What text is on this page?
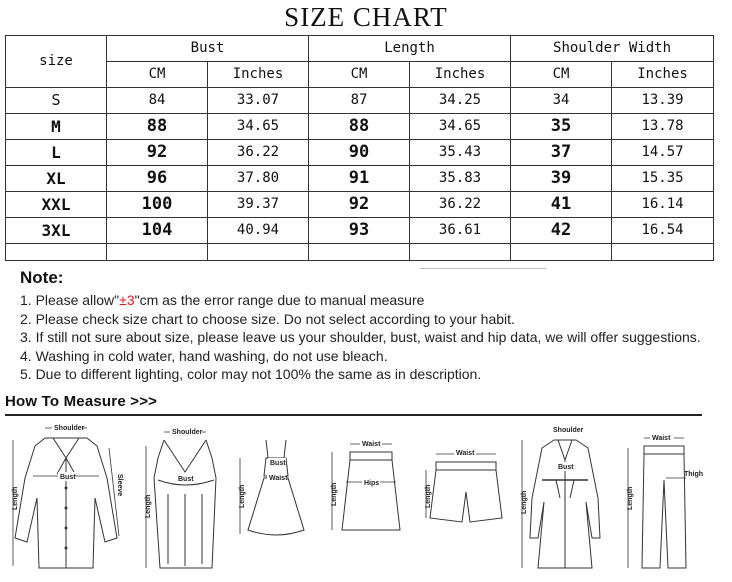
SIZE CHART
size	Bust		Length		Shoulder Width	
	CM	Inches	CM	Inches	CM	Inches
S	84	33.07	87	34.25	34	13.39
M	88	34.65	88	34.65	35	13.78
L	92	36.22	90	35.43	37	14.57
XL	96	37.80	91	35.83	39	15.35
XXL	100	39.37	92	36.22	41	16.14
3XL	104	40.94	93	36.61	42	16.54

Note:
1. Please allow"±3"cm as the error range due to manual measure
2. Please check size chart to choose size. Do not select according to your habit.
3. If still not sure about size, please leave us your shoulder, bust, waist and hip data, we will offer suggestions.
4. Washing in cold water, hand washing, do not use bleach.
5. Due to different lighting, color may not 100% the same as in description.
How To Measure >>>
Shoulder
Bust
Length
Sleeve
Shoulder
Bust
Length
Bust
Waist
Length
Waist
Hips
Length
Waist
Length
Shoulder
Bust
Length
Waist
Thigh
Length
